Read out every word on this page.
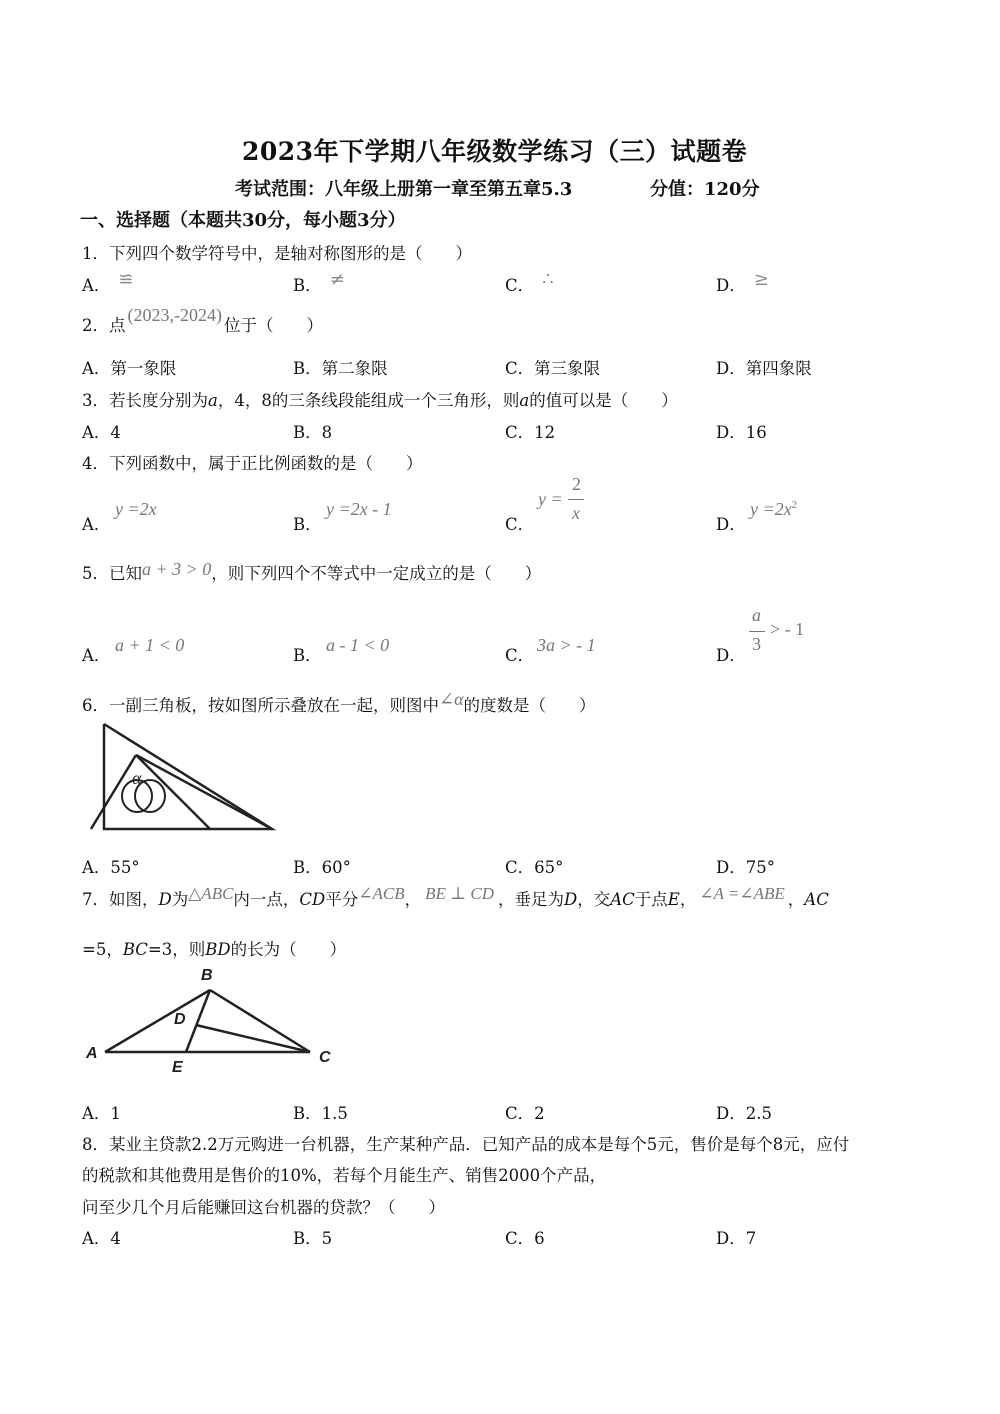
2023年下学期八年级数学练习（三）试题卷
考试范围：八年级上册第一章至第五章5.3	分值：120分
一、选择题（本题共30分，每小题3分）
1．下列四个数学符号中，是轴对称图形的是（　　）
A． ≌	B． ≠	C． ∴	D． ≥
2．点(2023,-2024)位于（　　）
A．第一象限	B．第二象限	C．第三象限	D．第四象限
3．若长度分别为a，4，8的三条线段能组成一个三角形，则a的值可以是（　　）
A．4	B．8	C．12	D．16
4．下列函数中，属于正比例函数的是（　　）
A．
y =2x
B．
y =2x - 1
C．
y =
2
x
D．
$y =2x^2$
5．已知a + 3 > 0，则下列四个不等式中一定成立的是（　　）
A．
a + 1 < 0
B．
a - 1 < 0
C．
3a > - 1
D．
a
3
> - 1
6．一副三角板，按如图所示叠放在一起，则图中∠α的度数是（　　）
α
A．55°	B．60°	C．65°	D．75°
7．如图，D为△ABC内一点，CD平分∠ACB， BE ⊥ CD ，垂足为D，交AC于点E， ∠A =∠ABE ，AC
=5，BC=3，则BD的长为（　　）
A
B
C
D
E
A．1	B．1.5	C．2	D．2.5
8．某业主贷款2.2万元购进一台机器，生产某种产品．已知产品的成本是每个5元，售价是每个8元，应付
的税款和其他费用是售价的10%，若每个月能生产、销售2000个产品，
问至少几个月后能赚回这台机器的贷款？（　　）
A．4	B．5	C．6	D．7
